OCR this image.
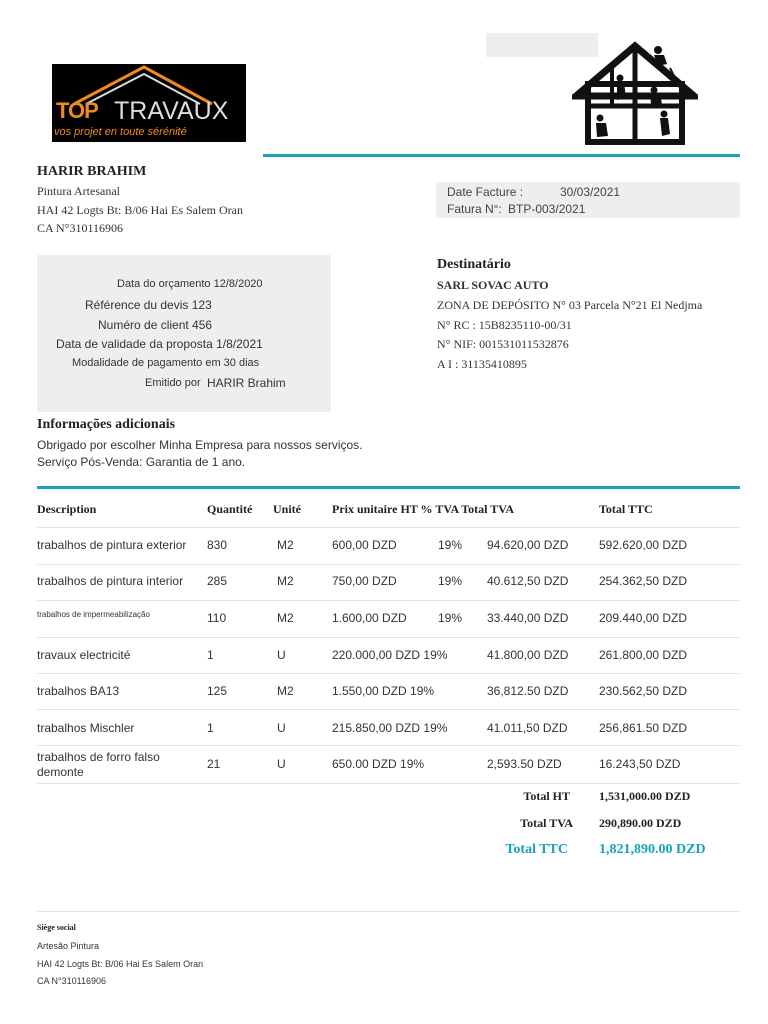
TOP TRAVAUX
vos projet en toute sérénité
HARIR BRAHIM
Pintura Artesanal
HAI 42 Logts Bt: B/06 Hai Es Salem Oran
CA N°310116906
Date Facture :	30/03/2021
Fatura N°: BTP-003/2021
Data do orçamento 12/8/2020
Référence du devis 123
Numéro de client 456
Data de validade da proposta 1/8/2021
Modalidade de pagamento em 30 dias
Emitido por HARIR Brahim
Destinatário
SARL SOVAC AUTO
ZONA DE DEPÓSITO N° 03 Parcela N°21 El Nedjma
N° RC : 15B8235110-00/31
N° NIF: 001531011532876
A I : 31135410895
Informações adicionais
Obrigado por escolher Minha Empresa para nossos serviços.
Serviço Pós-Venda: Garantia de 1 ano.
Description	Quantité Unité	Prix unitaire HT % TVA Total TVA	Total TTC
trabalhos de pintura exterior 830	M2	600,00 DZD	19% 94.620,00 DZD	592.620,00 DZD
trabalhos de pintura interior 285	M2	750,00 DZD	19% 40.612,50 DZD	254.362,50 DZD
trabalhos de impermeabilização	110	M2	1.600,00 DZD	19% 33.440,00 DZD	209.440,00 DZD
travaux electricité	1	U	220.000,00 DZD 19%	41.800,00 DZD	261.800,00 DZD
trabalhos BA13	125	M2	1.550,00 DZD 19%	36,812.50 DZD	230.562,50 DZD
trabalhos Mischler	1	U	215.850,00 DZD 19%	41.011,50 DZD	256,861.50 DZD
trabalhos de forro falso
demonte
21	U	650.00 DZD 19%	2,593.50 DZD	16.243,50 DZD
Total HT 1,531,000.00 DZD
Total TVA 290,890.00 DZD
Total TTC 1,821,890.00 DZD
Siège social
Artesão Pintura
HAI 42 Logts Bt: B/06 Hai Es Salem Oran
CA N°310116906
